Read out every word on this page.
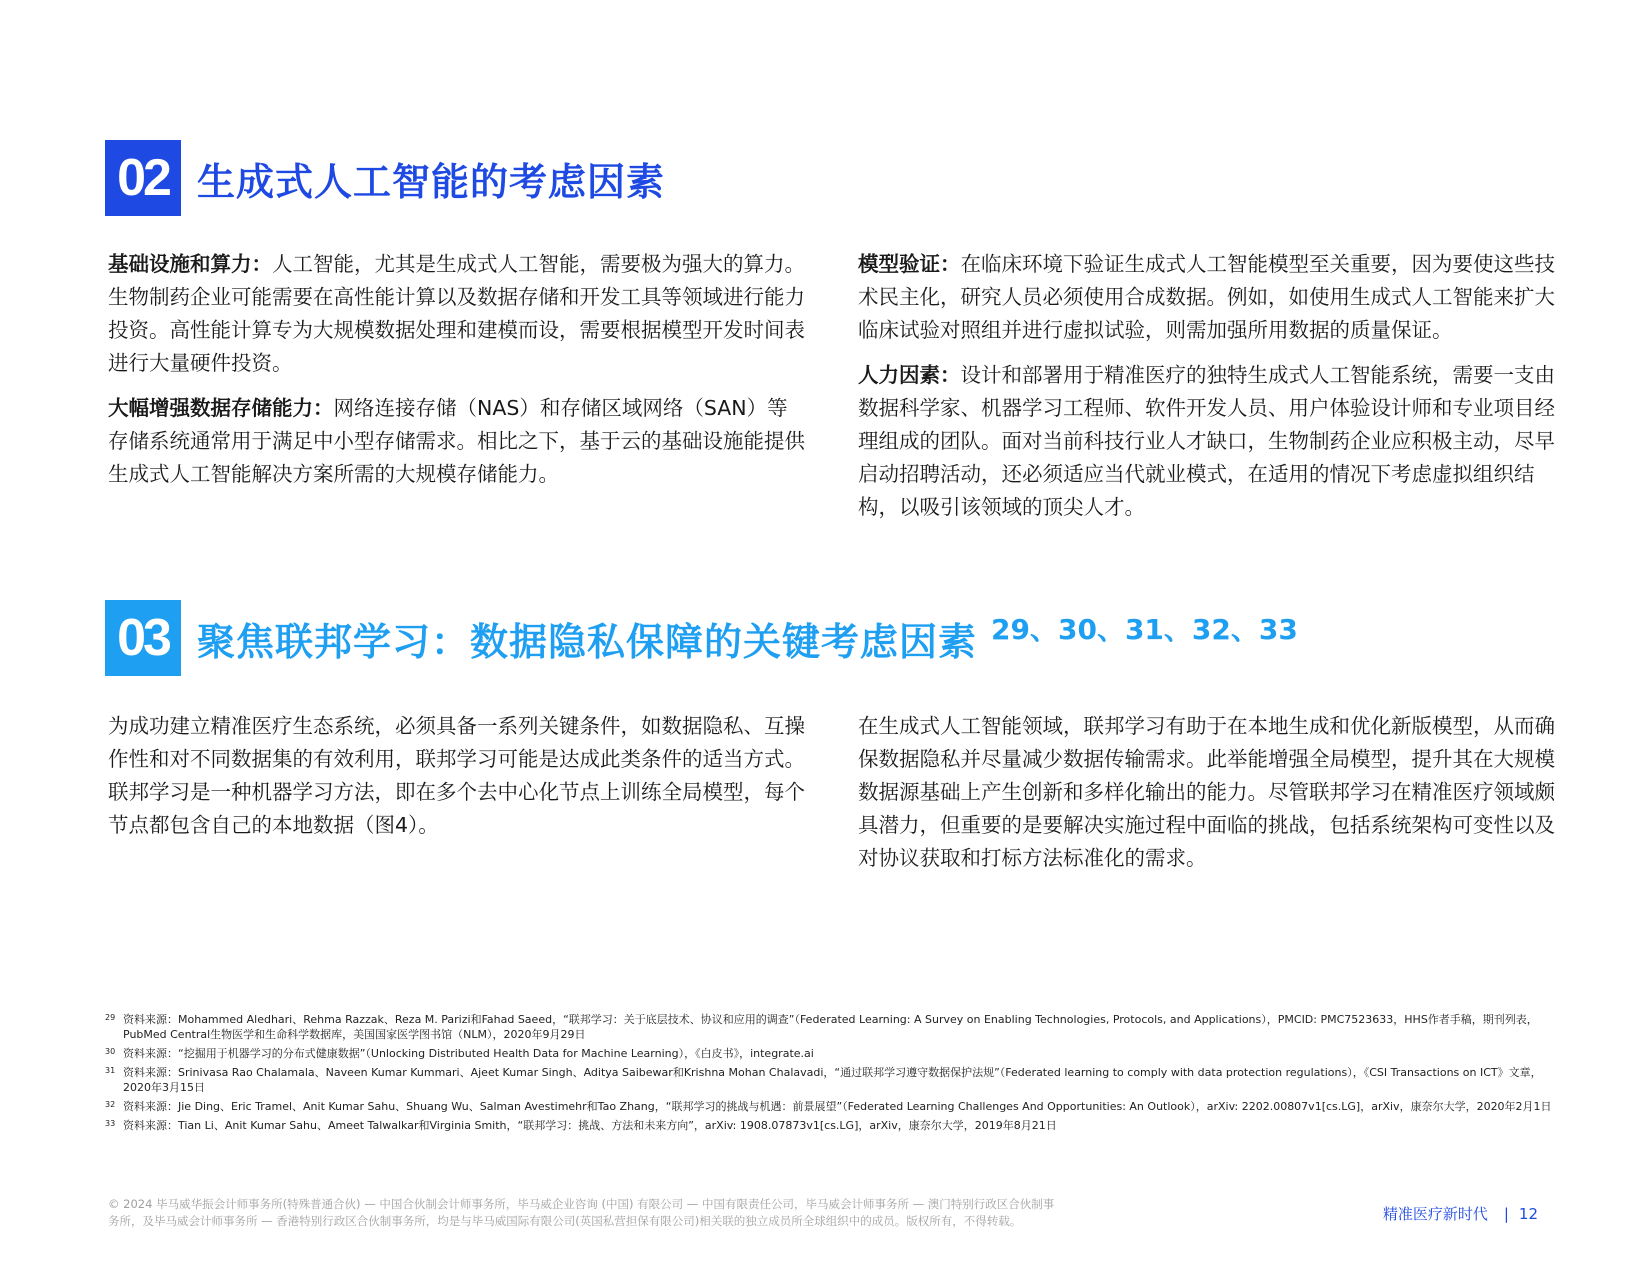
02 生成式人工智能的考虑因素

基础设施和算力：人工智能，尤其是生成式人工智能，需要极为强大的算力。生物制药企业可能需要在高性能计算以及数据存储和开发工具等领域进行能力投资。高性能计算专为大规模数据处理和建模而设，需要根据模型开发时间表进行大量硬件投资。

大幅增强数据存储能力：网络连接存储（NAS）和存储区域网络（SAN）等存储系统通常用于满足中小型存储需求。相比之下，基于云的基础设施能提供生成式人工智能解决方案所需的大规模存储能力。

模型验证：在临床环境下验证生成式人工智能模型至关重要，因为要使这些技术民主化，研究人员必须使用合成数据。例如，如使用生成式人工智能来扩大临床试验对照组并进行虚拟试验，则需加强所用数据的质量保证。

人力因素：设计和部署用于精准医疗的独特生成式人工智能系统，需要一支由数据科学家、机器学习工程师、软件开发人员、用户体验设计师和专业项目经理组成的团队。面对当前科技行业人才缺口，生物制药企业应积极主动，尽早启动招聘活动，还必须适应当代就业模式，在适用的情况下考虑虚拟组织结构，以吸引该领域的顶尖人才。

03 聚焦联邦学习：数据隐私保障的关键考虑因素 29、30、31、32、33

为成功建立精准医疗生态系统，必须具备一系列关键条件，如数据隐私、互操作性和对不同数据集的有效利用，联邦学习可能是达成此类条件的适当方式。联邦学习是一种机器学习方法，即在多个去中心化节点上训练全局模型，每个节点都包含自己的本地数据（图4）。

在生成式人工智能领域，联邦学习有助于在本地生成和优化新版模型，从而确保数据隐私并尽量减少数据传输需求。此举能增强全局模型，提升其在大规模数据源基础上产生创新和多样化输出的能力。尽管联邦学习在精准医疗领域颇具潜力，但重要的是要解决实施过程中面临的挑战，包括系统架构可变性以及对协议获取和打标方法标准化的需求。

29 资料来源：Mohammed Aledhari、Rehma Razzak、Reza M. Parizi和Fahad Saeed，“联邦学习：关于底层技术、协议和应用的调查”（Federated Learning: A Survey on Enabling Technologies, Protocols, and Applications），PMCID: PMC7523633，HHS作者手稿，期刊列表，PubMed Central生物医学和生命科学数据库，美国国家医学图书馆（NLM），2020年9月29日
30 资料来源：“挖掘用于机器学习的分布式健康数据”（Unlocking Distributed Health Data for Machine Learning），《白皮书》，integrate.ai
31 资料来源：Srinivasa Rao Chalamala、Naveen Kumar Kummari、Ajeet Kumar Singh、Aditya Saibewar和Krishna Mohan Chalavadi，“通过联邦学习遵守数据保护法规”（Federated learning to comply with data protection regulations），《CSI Transactions on ICT》文章，2020年3月15日
32 资料来源：Jie Ding、Eric Tramel、Anit Kumar Sahu、Shuang Wu、Salman Avestimehr和Tao Zhang，“联邦学习的挑战与机遇：前景展望”（Federated Learning Challenges And Opportunities: An Outlook），arXiv: 2202.00807v1[cs.LG]，arXiv，康奈尔大学，2020年2月1日
33 资料来源：Tian Li、Anit Kumar Sahu、Ameet Talwalkar和Virginia Smith，“联邦学习：挑战、方法和未来方向”，arXiv: 1908.07873v1[cs.LG]，arXiv，康奈尔大学，2019年8月21日
© 2024 毕马威华振会计师事务所(特殊普通合伙) — 中国合伙制会计师事务所，毕马威企业咨询 (中国) 有限公司 — 中国有限责任公司，毕马威会计师事务所 — 澳门特别行政区合伙制事务所，及毕马威会计师事务所 — 香港特别行政区合伙制事务所，均是与毕马威国际有限公司(英国私营担保有限公司)相关联的独立成员所全球组织中的成员。版权所有，不得转载。	精准医疗新时代 | 12
